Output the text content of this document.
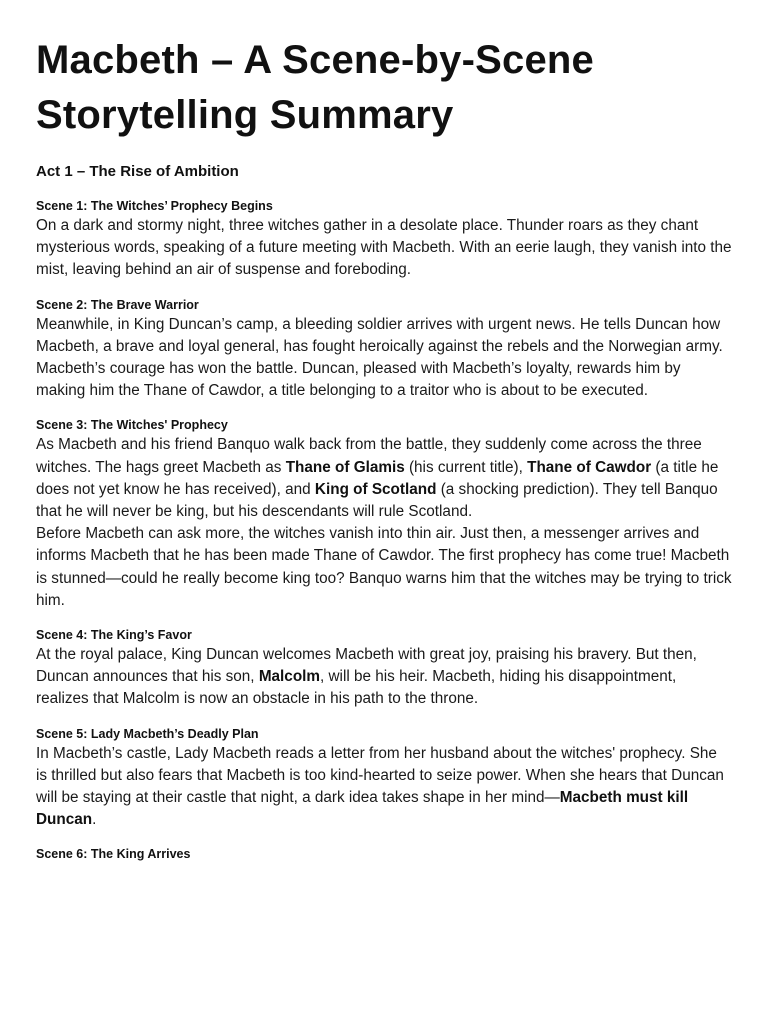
Macbeth – A Scene-by-Scene Storytelling Summary
Act 1 – The Rise of Ambition
Scene 1: The Witches’ Prophecy Begins

On a dark and stormy night, three witches gather in a desolate place. Thunder roars as they chant mysterious words, speaking of a future meeting with Macbeth. With an eerie laugh, they vanish into the mist, leaving behind an air of suspense and foreboding.

Scene 2: The Brave Warrior

Meanwhile, in King Duncan’s camp, a bleeding soldier arrives with urgent news. He tells Duncan how Macbeth, a brave and loyal general, has fought heroically against the rebels and the Norwegian army. Macbeth’s courage has won the battle. Duncan, pleased with Macbeth’s loyalty, rewards him by making him the Thane of Cawdor, a title belonging to a traitor who is about to be executed.

Scene 3: The Witches' Prophecy

As Macbeth and his friend Banquo walk back from the battle, they suddenly come across the three witches. The hags greet Macbeth as Thane of Glamis (his current title), Thane of Cawdor (a title he does not yet know he has received), and King of Scotland (a shocking prediction). They tell Banquo that he will never be king, but his descendants will rule Scotland.

Before Macbeth can ask more, the witches vanish into thin air. Just then, a messenger arrives and informs Macbeth that he has been made Thane of Cawdor. The first prophecy has come true! Macbeth is stunned—could he really become king too? Banquo warns him that the witches may be trying to trick him.

Scene 4: The King’s Favor

At the royal palace, King Duncan welcomes Macbeth with great joy, praising his bravery. But then, Duncan announces that his son, Malcolm, will be his heir. Macbeth, hiding his disappointment, realizes that Malcolm is now an obstacle in his path to the throne.

Scene 5: Lady Macbeth’s Deadly Plan

In Macbeth’s castle, Lady Macbeth reads a letter from her husband about the witches' prophecy. She is thrilled but also fears that Macbeth is too kind-hearted to seize power. When she hears that Duncan will be staying at their castle that night, a dark idea takes shape in her mind—Macbeth must kill Duncan.

Scene 6: The King Arrives
